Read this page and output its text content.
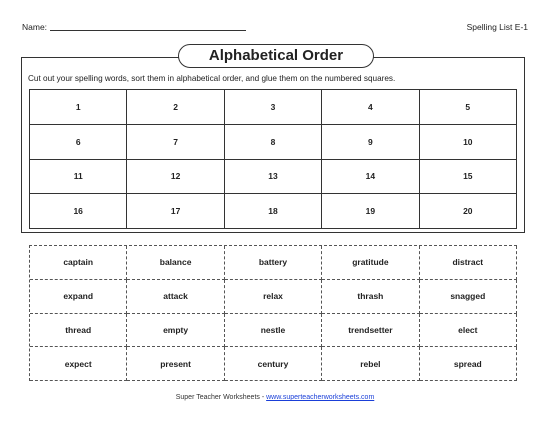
Name:	Spelling List E-1
Alphabetical Order
Cut out your spelling words, sort them in alphabetical order, and glue them on the numbered squares.
1	2	3	4	5
6	7	8	9	10
11	12	13	14	15
16	17	18	19	20
captain	balance	battery	gratitude	distract
expand	attack	relax	thrash	snagged
thread	empty	nestle	trendsetter	elect
expect	present	century	rebel	spread
Super Teacher Worksheets - www.superteacherworksheets.com
